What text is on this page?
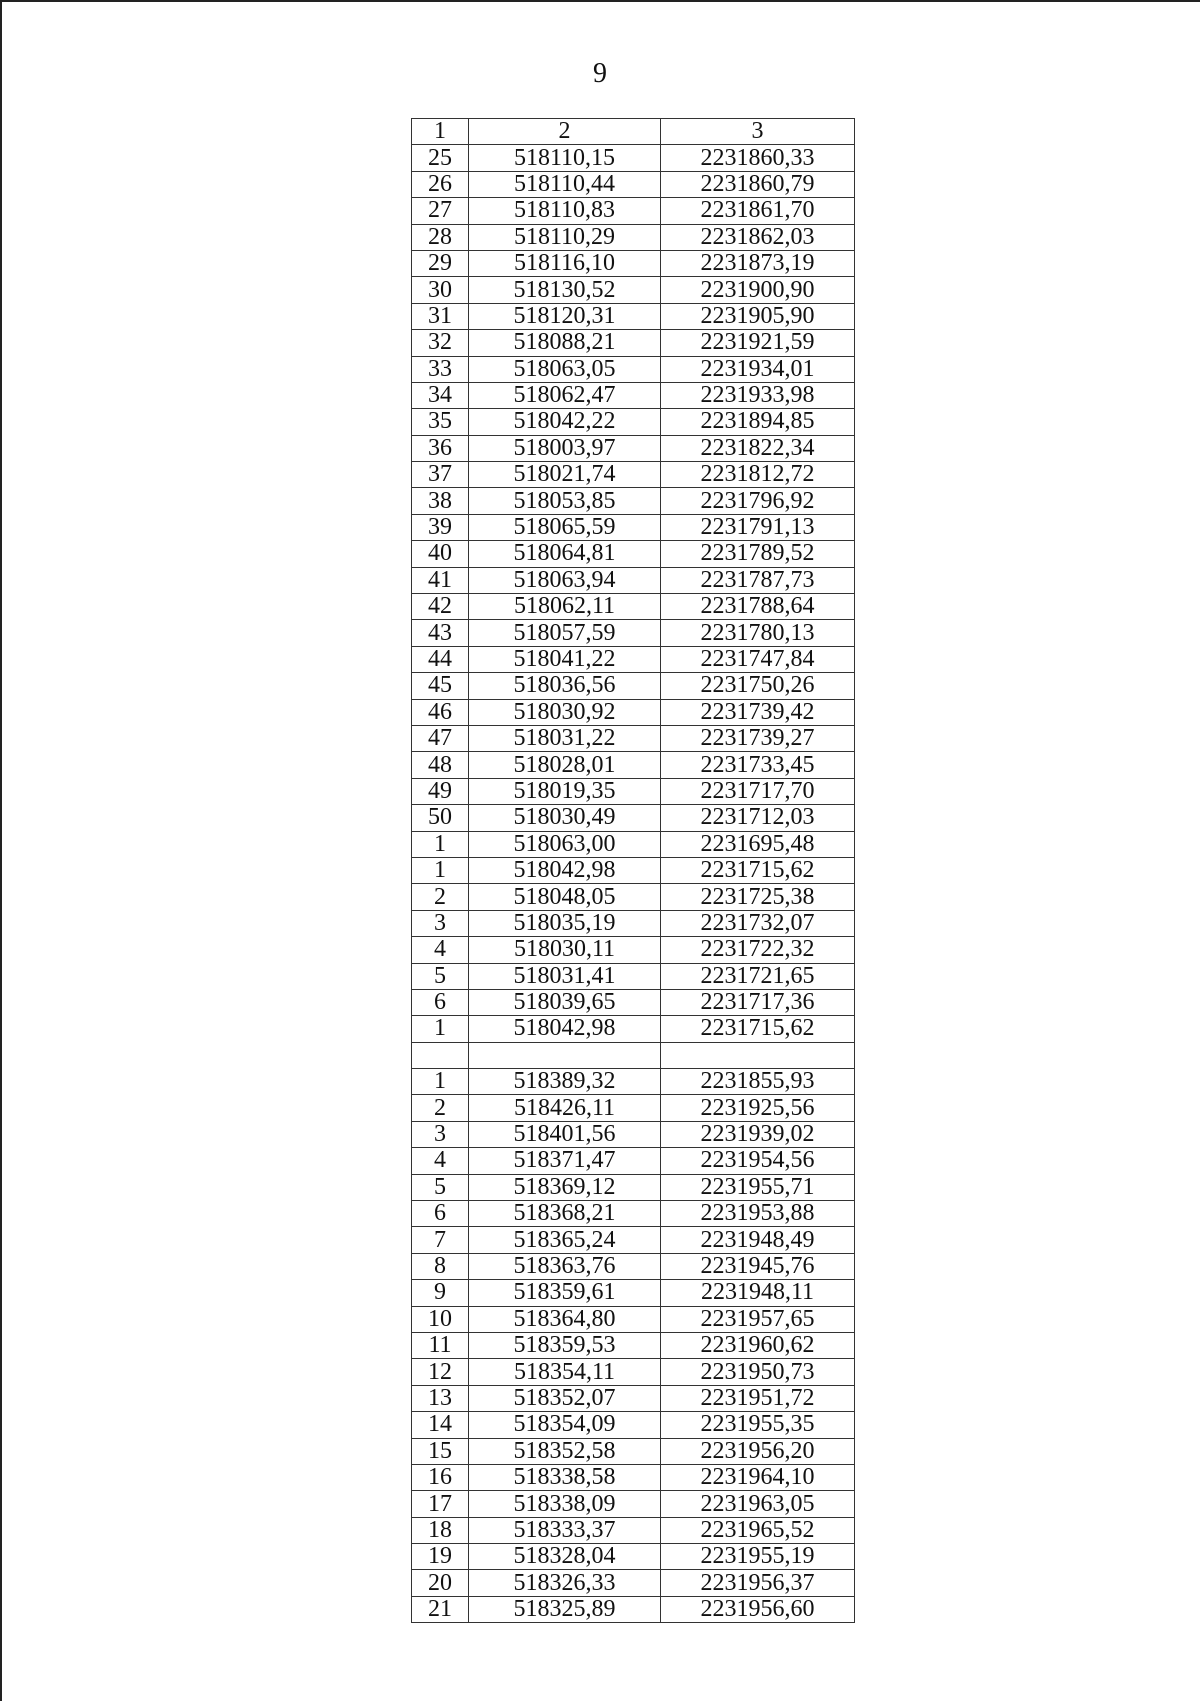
9
1	2	3
25	518110,15	2231860,33
26	518110,44	2231860,79
27	518110,83	2231861,70
28	518110,29	2231862,03
29	518116,10	2231873,19
30	518130,52	2231900,90
31	518120,31	2231905,90
32	518088,21	2231921,59
33	518063,05	2231934,01
34	518062,47	2231933,98
35	518042,22	2231894,85
36	518003,97	2231822,34
37	518021,74	2231812,72
38	518053,85	2231796,92
39	518065,59	2231791,13
40	518064,81	2231789,52
41	518063,94	2231787,73
42	518062,11	2231788,64
43	518057,59	2231780,13
44	518041,22	2231747,84
45	518036,56	2231750,26
46	518030,92	2231739,42
47	518031,22	2231739,27
48	518028,01	2231733,45
49	518019,35	2231717,70
50	518030,49	2231712,03
1	518063,00	2231695,48
1	518042,98	2231715,62
2	518048,05	2231725,38
3	518035,19	2231732,07
4	518030,11	2231722,32
5	518031,41	2231721,65
6	518039,65	2231717,36
1	518042,98	2231715,62

1	518389,32	2231855,93
2	518426,11	2231925,56
3	518401,56	2231939,02
4	518371,47	2231954,56
5	518369,12	2231955,71
6	518368,21	2231953,88
7	518365,24	2231948,49
8	518363,76	2231945,76
9	518359,61	2231948,11
10	518364,80	2231957,65
11	518359,53	2231960,62
12	518354,11	2231950,73
13	518352,07	2231951,72
14	518354,09	2231955,35
15	518352,58	2231956,20
16	518338,58	2231964,10
17	518338,09	2231963,05
18	518333,37	2231965,52
19	518328,04	2231955,19
20	518326,33	2231956,37
21	518325,89	2231956,60
